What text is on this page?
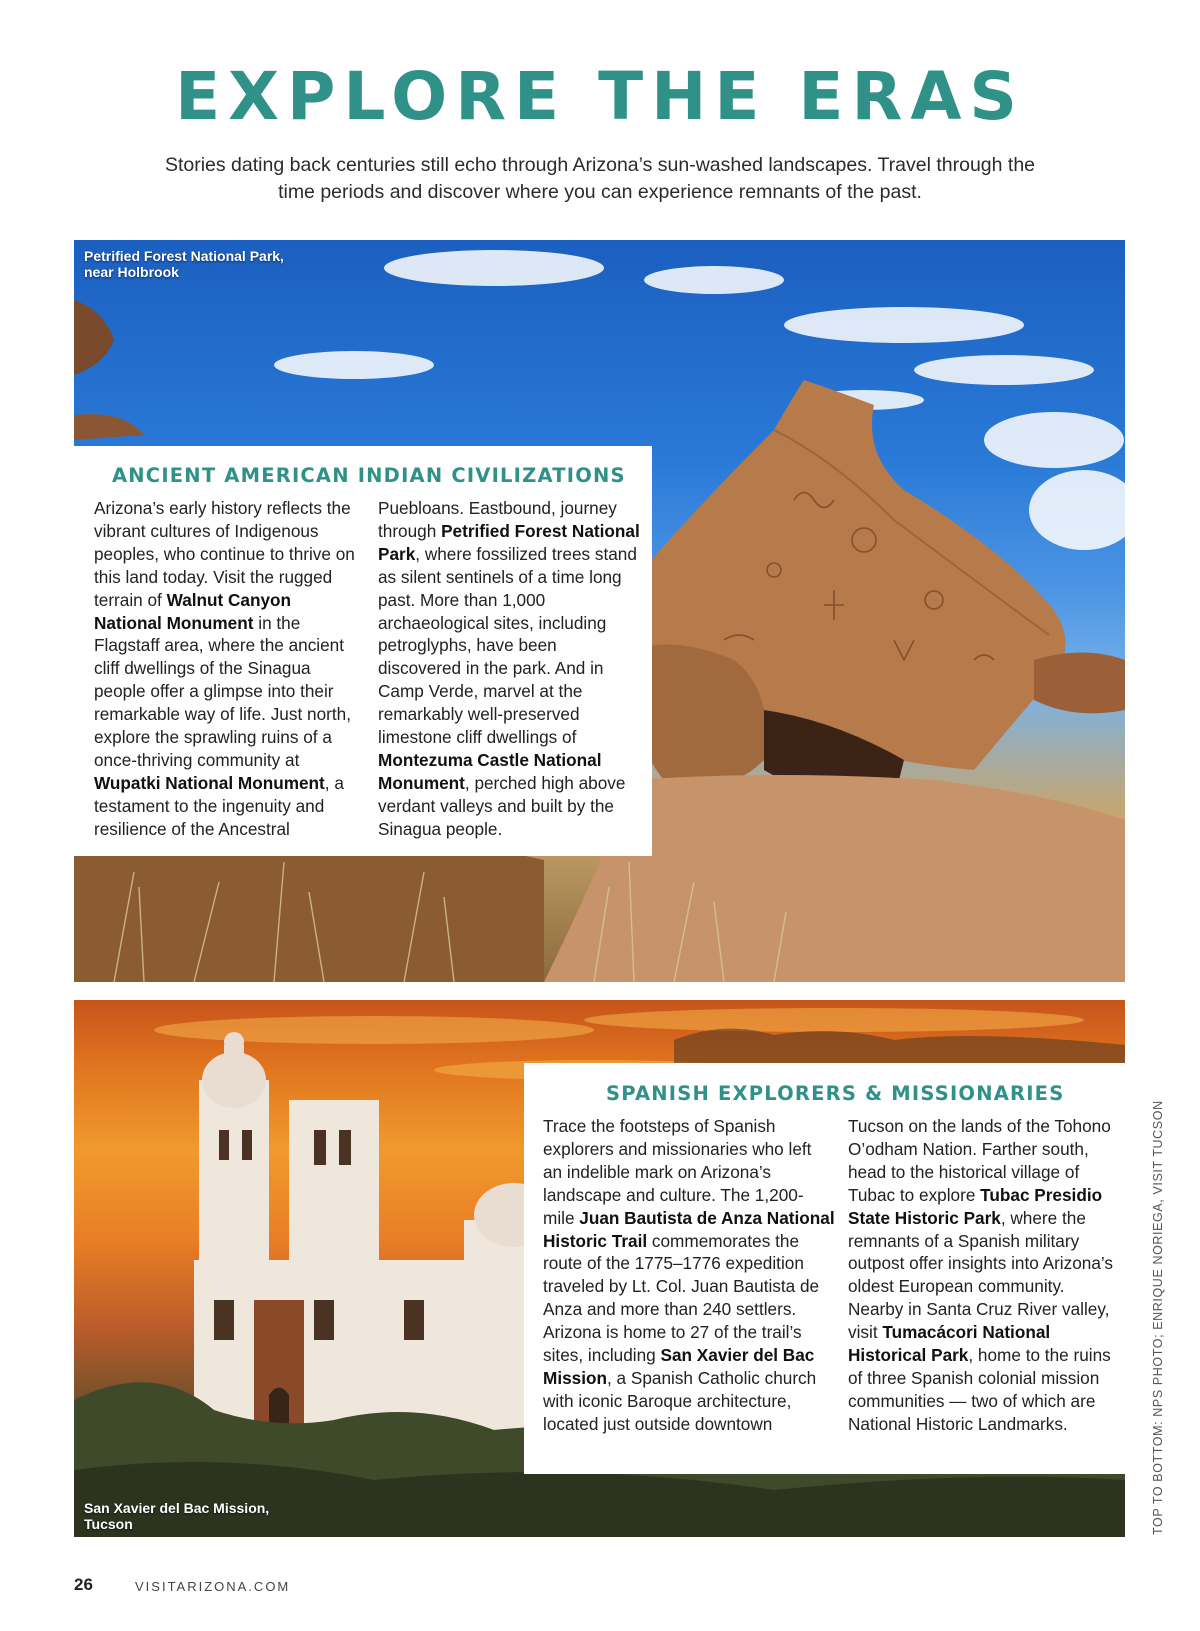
EXPLORE THE ERAS

Stories dating back centuries still echo through Arizona’s sun-washed landscapes. Travel through the time periods and discover where you can experience remnants of the past.

Petrified Forest National Park, near Holbrook
ANCIENT AMERICAN INDIAN CIVILIZATIONS

Arizona’s early history reflects the vibrant cultures of Indigenous peoples, who continue to thrive on this land today. Visit the rugged terrain of Walnut Canyon National Monument in the Flagstaff area, where the ancient cliff dwellings of the Sinagua people offer a glimpse into their remarkable way of life. Just north, explore the sprawling ruins of a once-thriving community at Wupatki National Monument, a testament to the ingenuity and resilience of the Ancestral

Puebloans. Eastbound, journey through Petrified Forest National Park, where fossilized trees stand as silent sentinels of a time long past. More than 1,000 archaeological sites, including petroglyphs, have been discovered in the park. And in Camp Verde, marvel at the remarkably well-preserved limestone cliff dwellings of Montezuma Castle National Monument, perched high above verdant valleys and built by the Sinagua people.

San Xavier del Bac Mission, Tucson
SPANISH EXPLORERS & MISSIONARIES

Trace the footsteps of Spanish explorers and missionaries who left an indelible mark on Arizona’s landscape and culture. The 1,200-mile Juan Bautista de Anza National Historic Trail commemorates the route of the 1775–1776 expedition traveled by Lt. Col. Juan Bautista de Anza and more than 240 settlers. Arizona is home to 27 of the trail’s sites, including San Xavier del Bac Mission, a Spanish Catholic church with iconic Baroque architecture, located just outside downtown

Tucson on the lands of the Tohono O’odham Nation. Farther south, head to the historical village of Tubac to explore Tubac Presidio State Historic Park, where the remnants of a Spanish military outpost offer insights into Arizona’s oldest European community. Nearby in Santa Cruz River valley, visit Tumacácori National Historical Park, home to the ruins of three Spanish colonial mission communities — two of which are National Historic Landmarks.	TOP TO BOTTOM: NPS PHOTO; ENRIQUE NORIEGA, VISIT TUCSON
26	VISITARIZONA.COM
